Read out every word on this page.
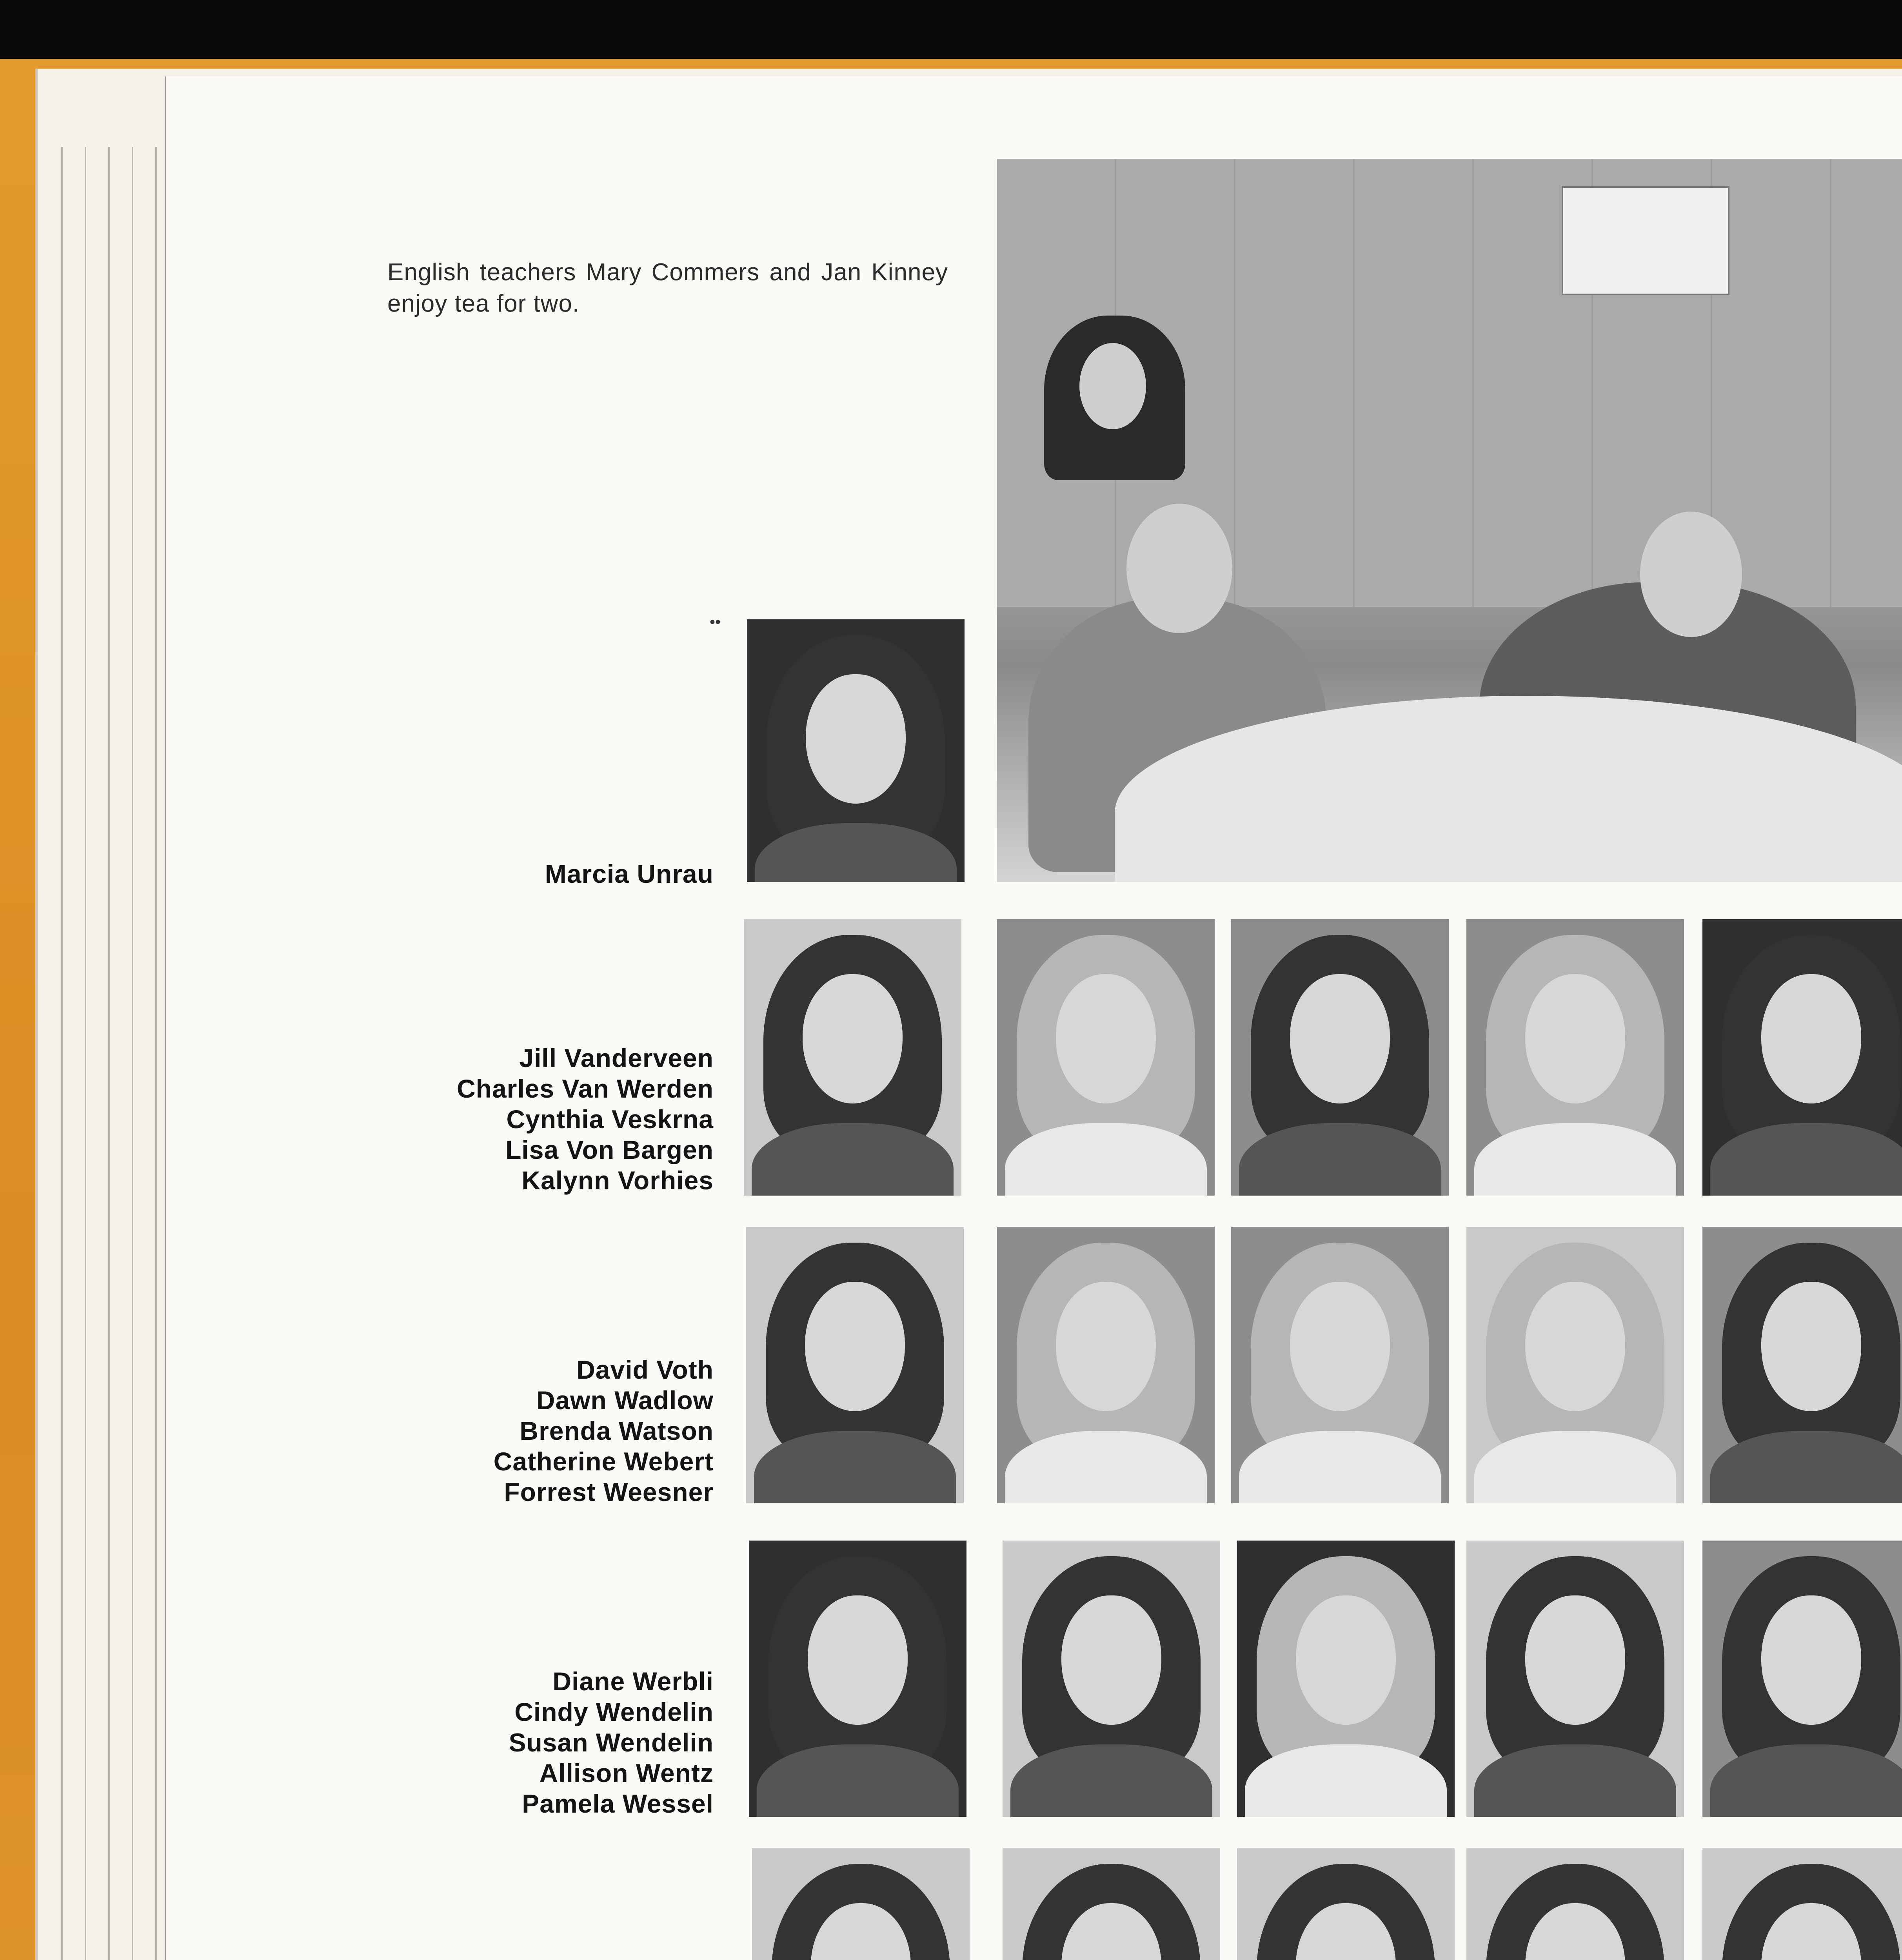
English teachers Mary Commers and Jan Kinney enjoy tea for two.
••
Marcia Unrau
Jill Vanderveen
Charles Van Werden
Cynthia Veskrna
Lisa Von Bargen
Kalynn Vorhies
David Voth
Dawn Wadlow
Brenda Watson
Catherine Webert
Forrest Weesner
Diane Werbli
Cindy Wendelin
Susan Wendelin
Allison Wentz
Pamela Wessel
